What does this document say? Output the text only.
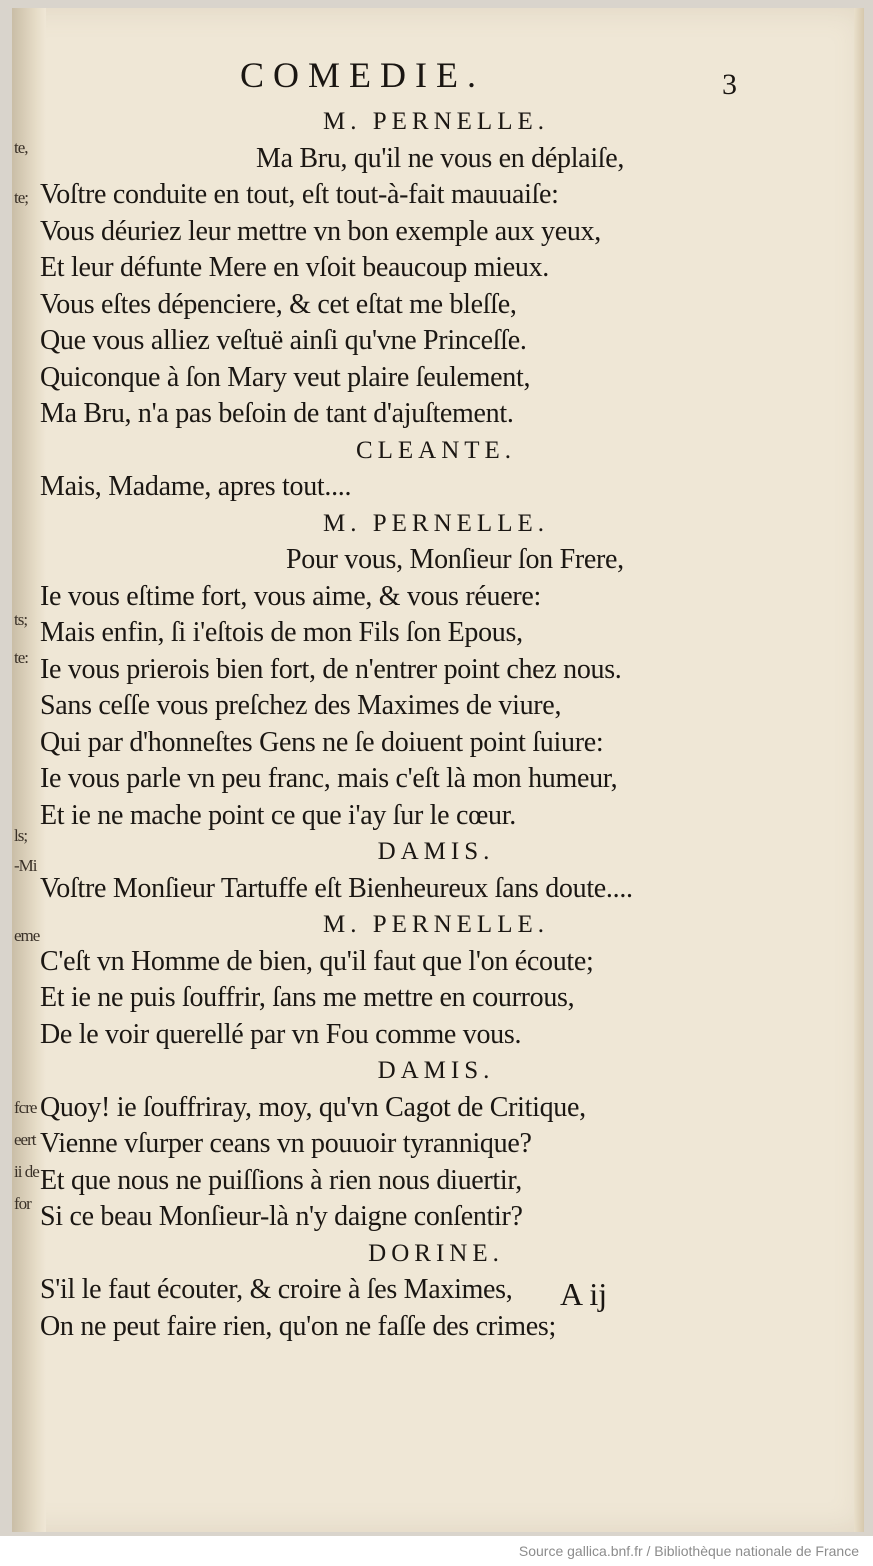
te,
te;
ts;
te:
ls;
-Mi
eme
fcre
eert
ii de
for
COMEDIE.	3
M. PERNELLE.
Ma Bru, qu'il ne vous en déplaiſe,
Voſtre conduite en tout, eſt tout-à-fait mauuaiſe:
Vous déuriez leur mettre vn bon exemple aux yeux,
Et leur défunte Mere en vſoit beaucoup mieux.
Vous eſtes dépenciere, & cet eſtat me bleſſe,
Que vous alliez veſtuë ainſi qu'vne Princeſſe.
Quiconque à ſon Mary veut plaire ſeulement,
Ma Bru, n'a pas beſoin de tant d'ajuſtement.
CLEANTE.
Mais, Madame, apres tout....
M. PERNELLE.
Pour vous, Monſieur ſon Frere,
Ie vous eſtime fort, vous aime, & vous réuere:
Mais enfin, ſi i'eſtois de mon Fils ſon Epous,
Ie vous prierois bien fort, de n'entrer point chez nous.
Sans ceſſe vous preſchez des Maximes de viure,
Qui par d'honneſtes Gens ne ſe doiuent point ſuiure:
Ie vous parle vn peu franc, mais c'eſt là mon humeur,
Et ie ne mache point ce que i'ay ſur le cœur.
DAMIS.
Voſtre Monſieur Tartuffe eſt Bienheureux ſans doute....
M. PERNELLE.
C'eſt vn Homme de bien, qu'il faut que l'on écoute;
Et ie ne puis ſouffrir, ſans me mettre en courrous,
De le voir querellé par vn Fou comme vous.
DAMIS.
Quoy! ie ſouffriray, moy, qu'vn Cagot de Critique,
Vienne vſurper ceans vn pouuoir tyrannique?
Et que nous ne puiſſions à rien nous diuertir,
Si ce beau Monſieur-là n'y daigne conſentir?
DORINE.
S'il le faut écouter, & croire à ſes Maximes,
On ne peut faire rien, qu'on ne faſſe des crimes;
A ij
Source gallica.bnf.fr / Bibliothèque nationale de France
